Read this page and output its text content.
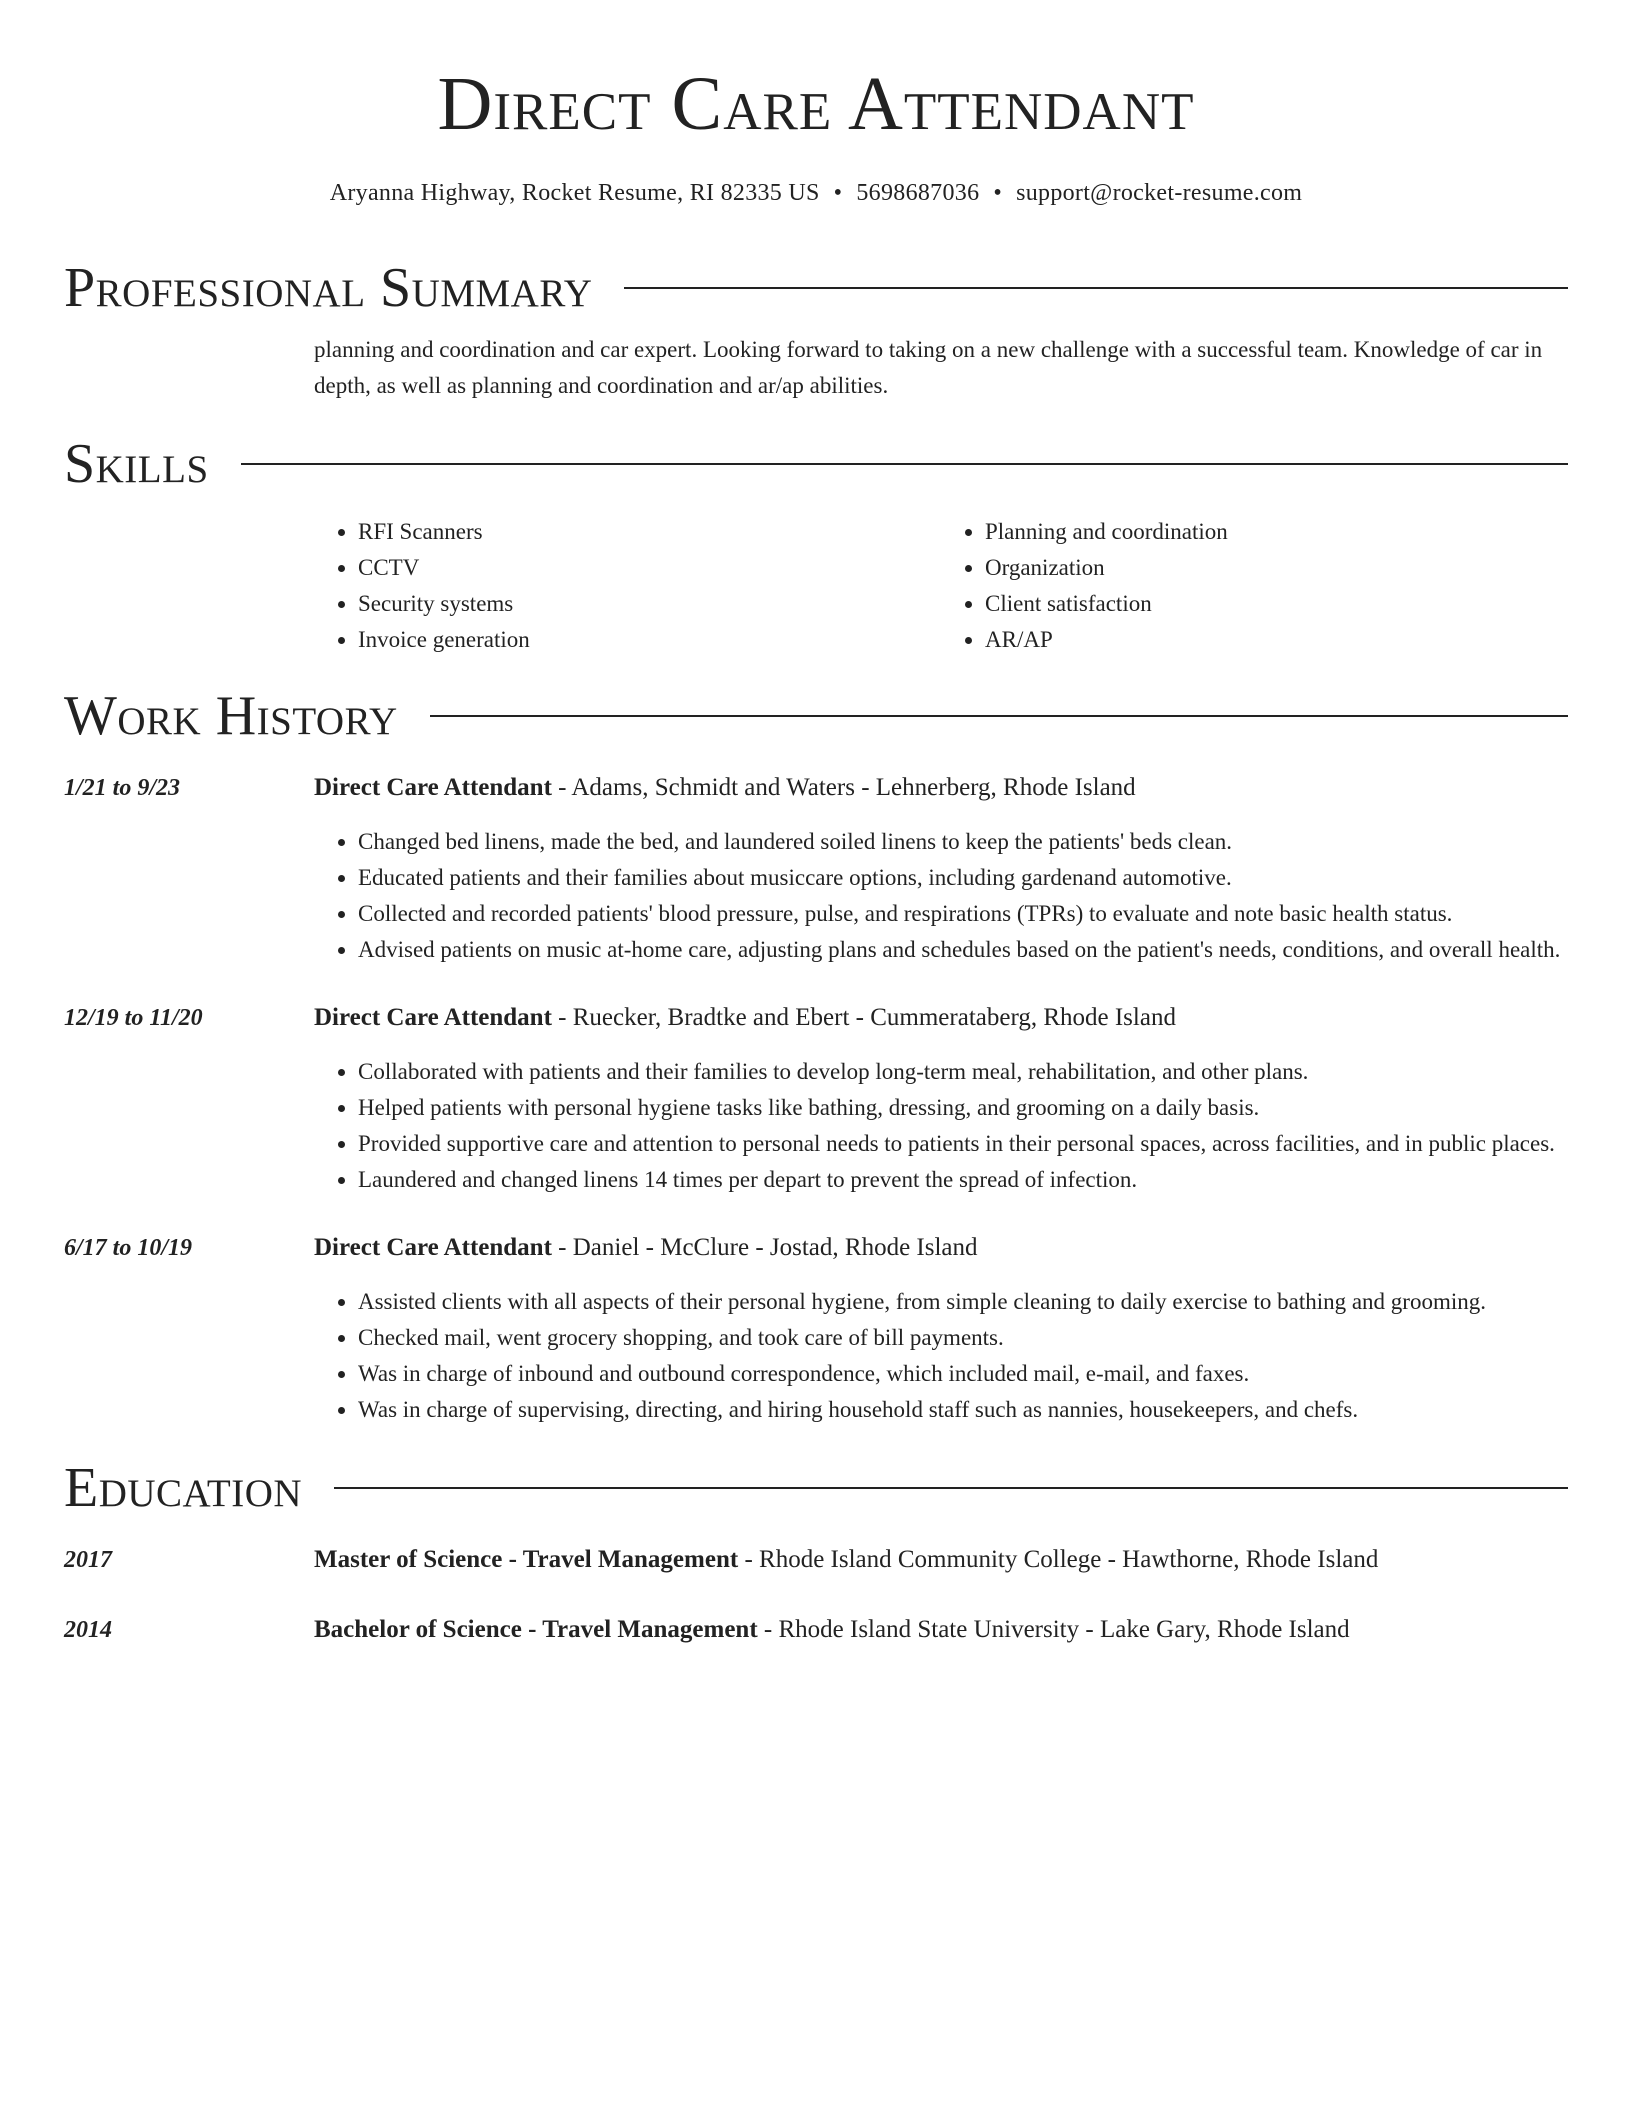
Direct Care Attendant
Aryanna Highway, Rocket Resume, RI 82335 US • 5698687036 • support@rocket-resume.com
Professional Summary
planning and coordination and car expert. Looking forward to taking on a new challenge with a successful team. Knowledge of car in depth, as well as planning and coordination and ar/ap abilities.
Skills
• RFI Scanners
• CCTV
• Security systems
• Invoice generation
• Planning and coordination
• Organization
• Client satisfaction
• AR/AP
Work History
1/21 to 9/23	Direct Care Attendant - Adams, Schmidt and Waters - Lehnerberg, Rhode Island
• Changed bed linens, made the bed, and laundered soiled linens to keep the patients' beds clean.
• Educated patients and their families about musiccare options, including gardenand automotive.
• Collected and recorded patients' blood pressure, pulse, and respirations (TPRs) to evaluate and note basic health status.
• Advised patients on music at-home care, adjusting plans and schedules based on the patient's needs, conditions, and overall health.
12/19 to 11/20	Direct Care Attendant - Ruecker, Bradtke and Ebert - Cummerataberg, Rhode Island
• Collaborated with patients and their families to develop long-term meal, rehabilitation, and other plans.
• Helped patients with personal hygiene tasks like bathing, dressing, and grooming on a daily basis.
• Provided supportive care and attention to personal needs to patients in their personal spaces, across facilities, and in public places.
• Laundered and changed linens 14 times per depart to prevent the spread of infection.
6/17 to 10/19	Direct Care Attendant - Daniel - McClure - Jostad, Rhode Island
• Assisted clients with all aspects of their personal hygiene, from simple cleaning to daily exercise to bathing and grooming.
• Checked mail, went grocery shopping, and took care of bill payments.
• Was in charge of inbound and outbound correspondence, which included mail, e-mail, and faxes.
• Was in charge of supervising, directing, and hiring household staff such as nannies, housekeepers, and chefs.
Education
2017	Master of Science - Travel Management - Rhode Island Community College - Hawthorne, Rhode Island
2014	Bachelor of Science - Travel Management - Rhode Island State University - Lake Gary, Rhode Island
